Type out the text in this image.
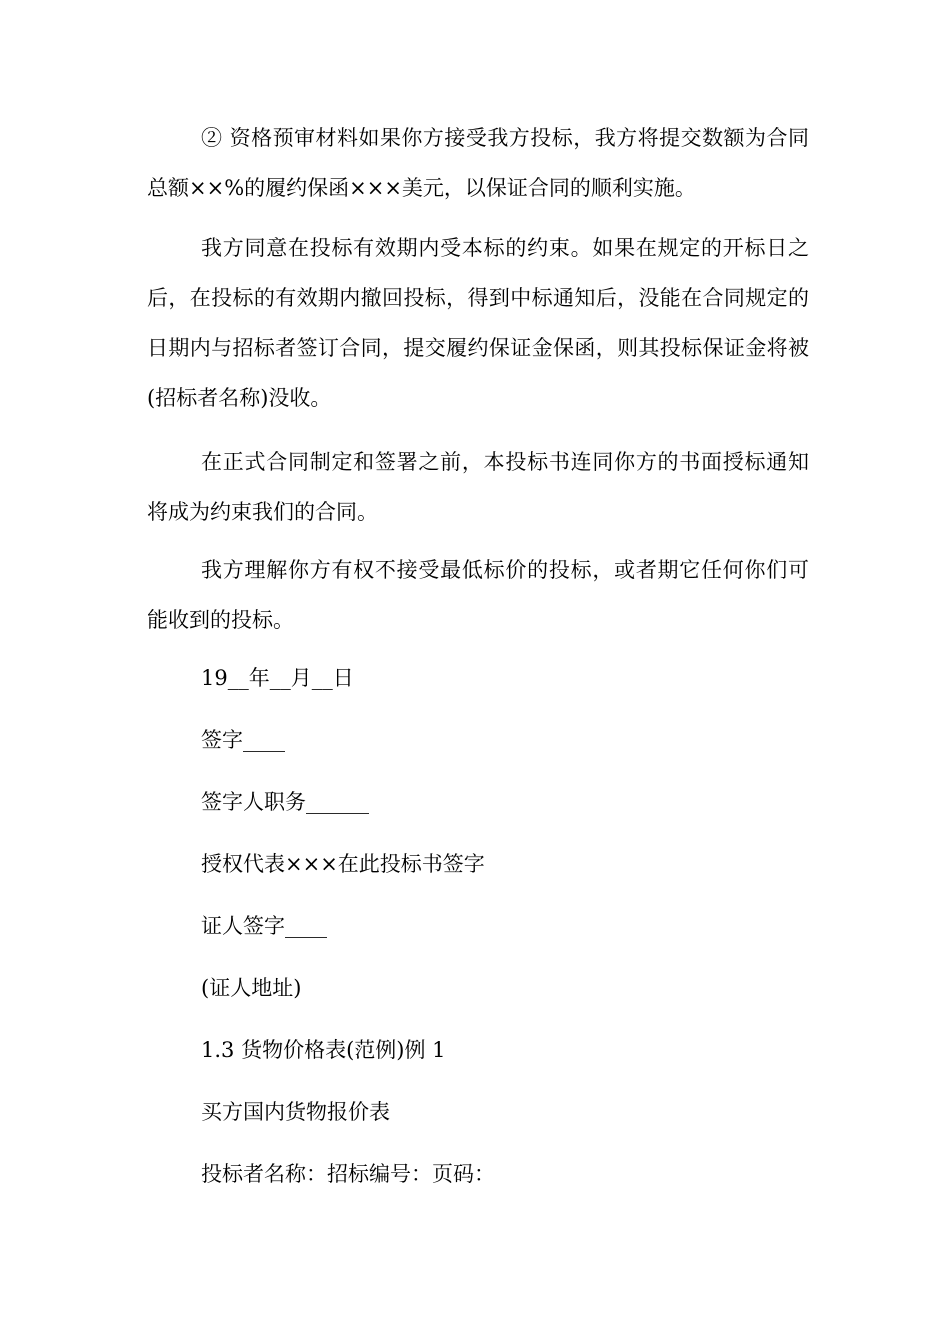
② 资格预审材料如果你方接受我方投标，我方将提交数额为合同总额××%的履约保函×××美元，以保证合同的顺利实施。

我方同意在投标有效期内受本标的约束。如果在规定的开标日之后，在投标的有效期内撤回投标，得到中标通知后，没能在合同规定的日期内与招标者签订合同，提交履约保证金保函，则其投标保证金将被(招标者名称)没收。

在正式合同制定和签署之前，本投标书连同你方的书面授标通知将成为约束我们的合同。

我方理解你方有权不接受最低标价的投标，或者期它任何你们可能收到的投标。

19__年__月__日

签字____

签字人职务______

授权代表×××在此投标书签字

证人签字____

(证人地址)

1.3 货物价格表(范例)例 1

买方国内货物报价表

投标者名称：招标编号：页码：
